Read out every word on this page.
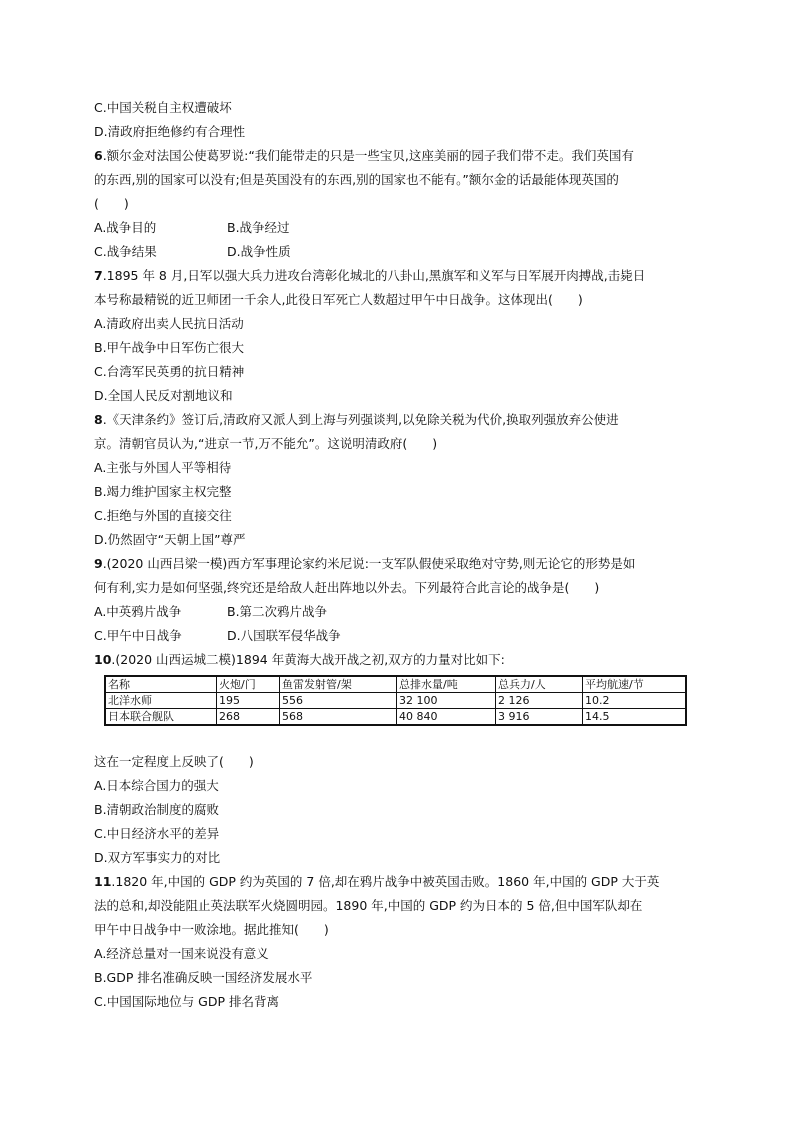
C.中国关税自主权遭破坏
D.清政府拒绝修约有合理性
6.额尔金对法国公使葛罗说:“我们能带走的只是一些宝贝,这座美丽的园子我们带不走。我们英国有
的东西,别的国家可以没有;但是英国没有的东西,别的国家也不能有。”额尔金的话最能体现英国的
(　　)
A.战争目的	B.战争经过
C.战争结果	D.战争性质
7.1895 年 8 月,日军以强大兵力进攻台湾彰化城北的八卦山,黑旗军和义军与日军展开肉搏战,击毙日
本号称最精锐的近卫师团一千余人,此役日军死亡人数超过甲午中日战争。这体现出(　　)
A.清政府出卖人民抗日活动
B.甲午战争中日军伤亡很大
C.台湾军民英勇的抗日精神
D.全国人民反对割地议和
8.《天津条约》签订后,清政府又派人到上海与列强谈判,以免除关税为代价,换取列强放弃公使进
京。清朝官员认为,“进京一节,万不能允”。这说明清政府(　　)
A.主张与外国人平等相待
B.竭力维护国家主权完整
C.拒绝与外国的直接交往
D.仍然固守“天朝上国”尊严
9.(2020 山西吕梁一模)西方军事理论家约米尼说:一支军队假使采取绝对守势,则无论它的形势是如
何有利,实力是如何坚强,终究还是给敌人赶出阵地以外去。下列最符合此言论的战争是(　　)
A.中英鸦片战争	B.第二次鸦片战争
C.甲午中日战争	D.八国联军侵华战争
10.(2020 山西运城二模)1894 年黄海大战开战之初,双方的力量对比如下:
名称	火炮/门	鱼雷发射管/架	总排水量/吨	总兵力/人	平均航速/节
北洋水师	195	556	32 100	2 126	10.2
日本联合舰队	268	568	40 840	3 916	14.5
这在一定程度上反映了(　　)
A.日本综合国力的强大
B.清朝政治制度的腐败
C.中日经济水平的差异
D.双方军事实力的对比
11.1820 年,中国的 GDP 约为英国的 7 倍,却在鸦片战争中被英国击败。1860 年,中国的 GDP 大于英
法的总和,却没能阻止英法联军火烧圆明园。1890 年,中国的 GDP 约为日本的 5 倍,但中国军队却在
甲午中日战争中一败涂地。据此推知(　　)
A.经济总量对一国来说没有意义
B.GDP 排名准确反映一国经济发展水平
C.中国国际地位与 GDP 排名背离
